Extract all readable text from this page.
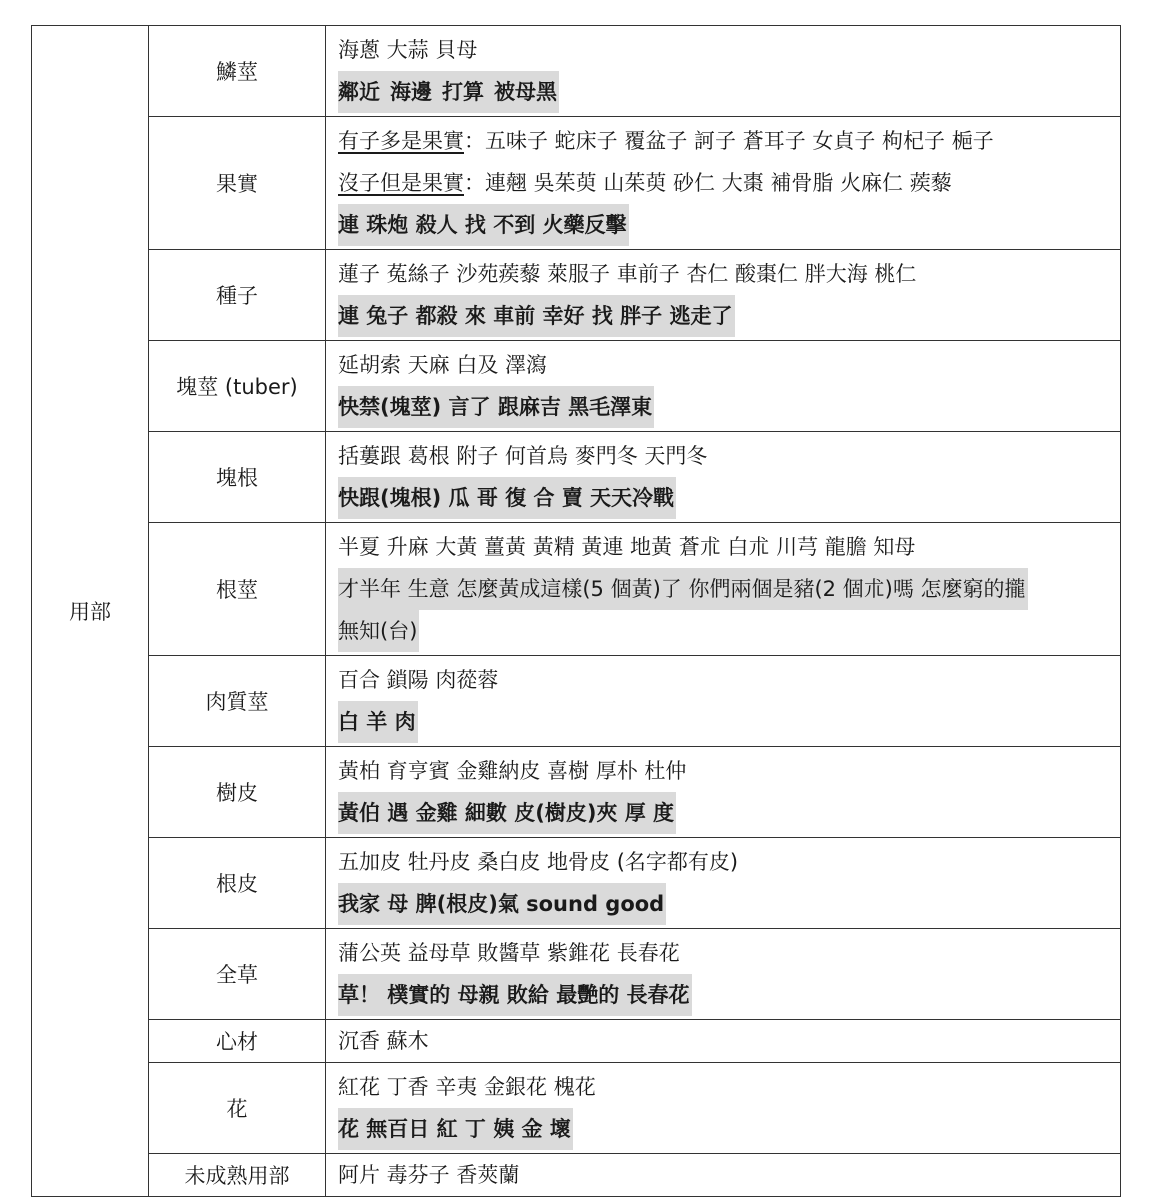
用部	鱗莖	海蔥 大蒜 貝母
鄰近 海邊 打算 被母黑

	果實	有子多是果實：五味子 蛇床子 覆盆子 訶子 蒼耳子 女貞子 枸杞子 梔子
沒子但是果實：連翹 吳茱萸 山茱萸 砂仁 大棗 補骨脂 火麻仁 蒺藜
連 珠炮 殺人 找 不到 火藥反擊

	種子	蓮子 菟絲子 沙苑蒺藜 萊服子 車前子 杏仁 酸棗仁 胖大海 桃仁
連 兔子 都殺 來 車前 幸好 找 胖子 逃走了

	塊莖 (tuber)	延胡索 天麻 白及 澤瀉
快禁(塊莖) 言了 跟麻吉 黑毛澤東

	塊根	括蔞跟 葛根 附子 何首烏 麥門冬 天門冬
快跟(塊根) 瓜 哥 復 合 賣 天天冷戰

	根莖	半夏 升麻 大黃 薑黃 黃精 黃連 地黃 蒼朮 白朮 川芎 龍膽 知母
才半年 生意 怎麼黃成這樣(5 個黃)了 你們兩個是豬(2 個朮)嗎 怎麼窮的攏
無知(台)

	肉質莖	百合 鎖陽 肉蓯蓉
白 羊 肉

	樹皮	黃柏 育亨賓 金雞納皮 喜樹 厚朴 杜仲
黃伯 遇 金雞 細數 皮(樹皮)夾 厚 度

	根皮	五加皮 牡丹皮 桑白皮 地骨皮 (名字都有皮)
我家 母 脾(根皮)氣 sound good

	全草	蒲公英 益母草 敗醬草 紫錐花 長春花
草！ 樸實的 母親 敗給 最艷的 長春花

	心材	沉香 蘇木

	花	紅花 丁香 辛夷 金銀花 槐花
花 無百日 紅 丁 姨 金 壞

	未成熟用部	阿片 毒芬子 香莢蘭
